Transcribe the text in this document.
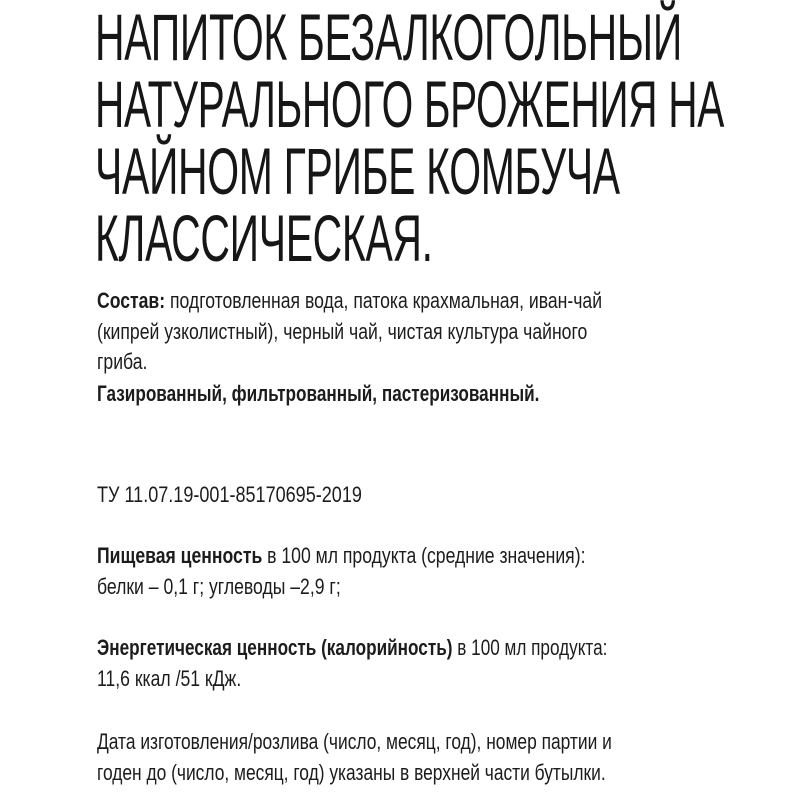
НАПИТОК БЕЗАЛКОГОЛЬНЫЙ
НАТУРАЛЬНОГО БРОЖЕНИЯ НА
ЧАЙНОМ ГРИБЕ КОМБУЧА
КЛАССИЧЕСКАЯ.
Состав: подготовленная вода, патока крахмальная, иван-чай
(кипрей узколистный), черный чай, чистая культура чайного
гриба.
Газированный, фильтрованный, пастеризованный.
ТУ 11.07.19-001-85170695-2019
Пищевая ценность в 100 мл продукта (средние значения):
белки – 0,1 г; углеводы –2,9 г;
Энергетическая ценность (калорийность) в 100 мл продукта:
11,6 ккал /51 кДж.
Дата изготовления/розлива (число, месяц, год), номер партии и
годен до (число, месяц, год) указаны в верхней части бутылки.
